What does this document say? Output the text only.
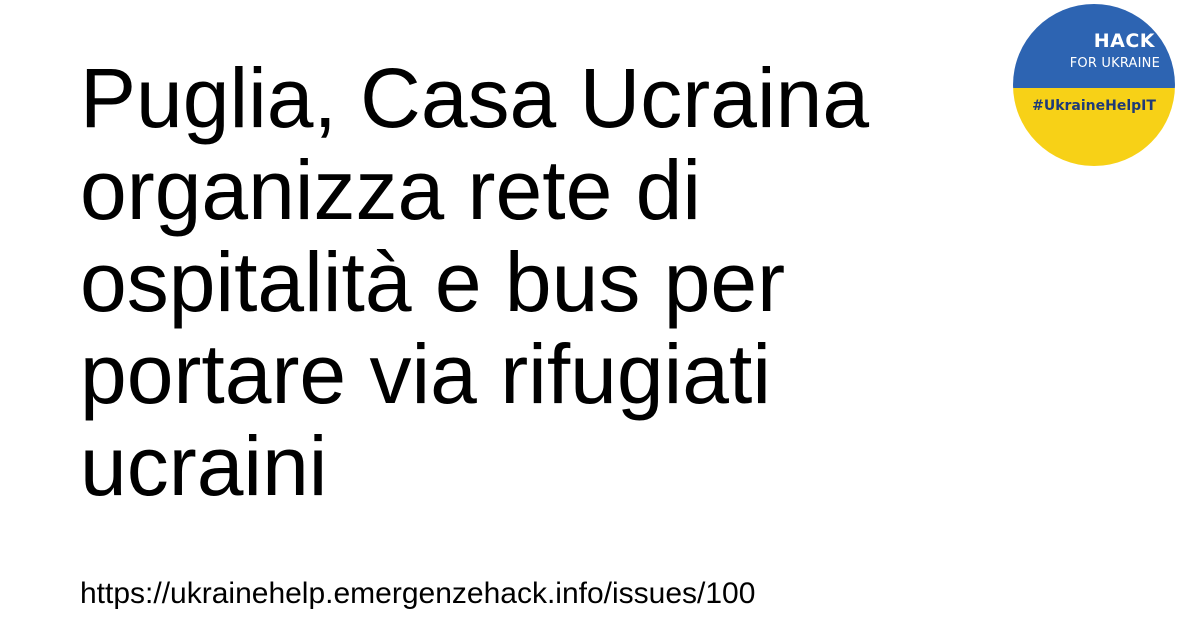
Puglia, Casa Ucraina organizza rete di ospitalità e bus per portare via rifugiati ucraini
HACK
FOR UKRAINE
#UkraineHelpIT
https://ukrainehelp.emergenzehack.info/issues/100
